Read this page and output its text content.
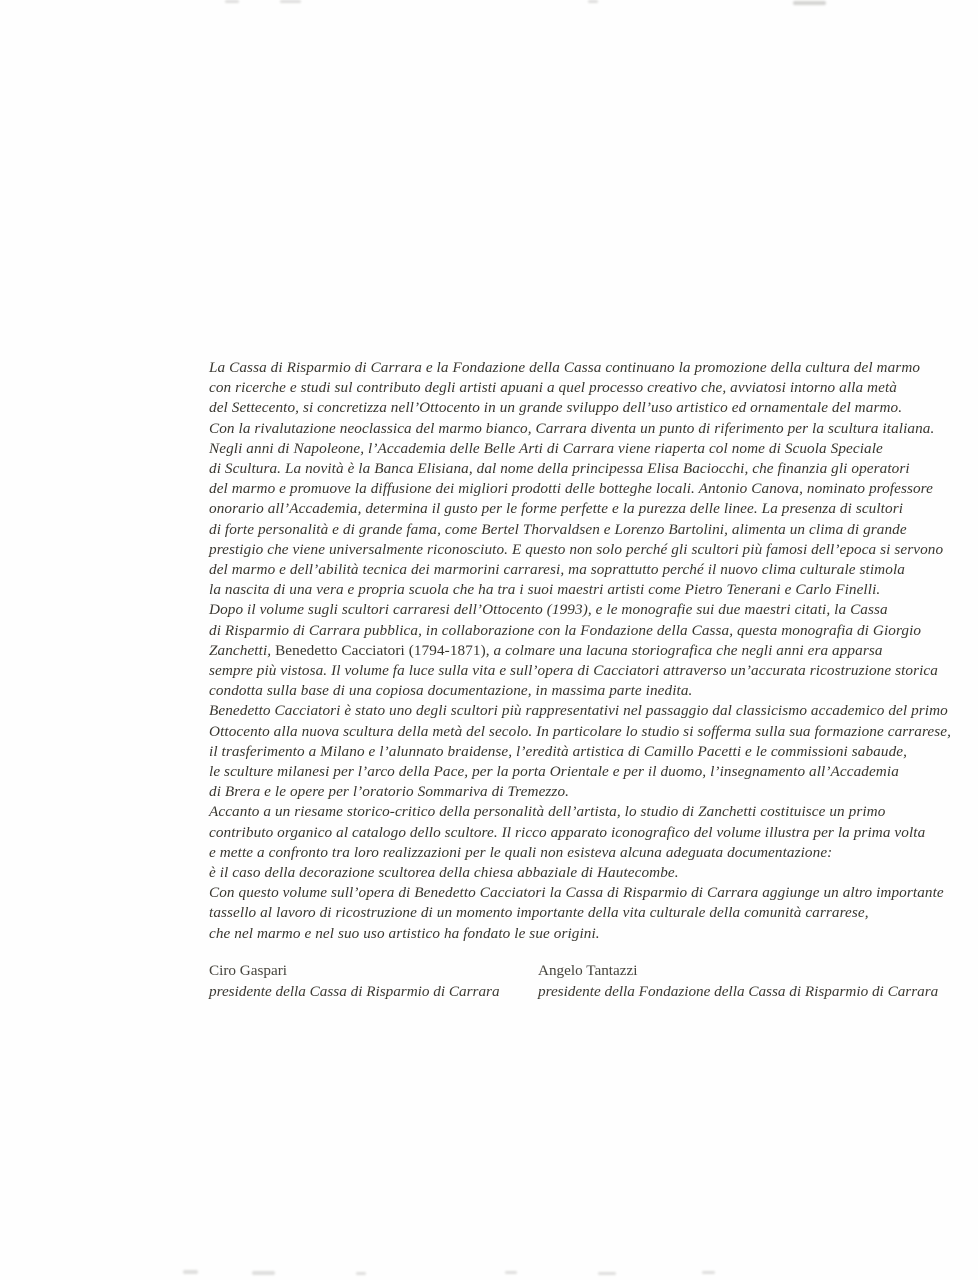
La Cassa di Risparmio di Carrara e la Fondazione della Cassa continuano la promozione della cultura del marmo
con ricerche e studi sul contributo degli artisti apuani a quel processo creativo che, avviatosi intorno alla metà
del Settecento, si concretizza nell’Ottocento in un grande sviluppo dell’uso artistico ed ornamentale del marmo.
Con la rivalutazione neoclassica del marmo bianco, Carrara diventa un punto di riferimento per la scultura italiana.
Negli anni di Napoleone, l’Accademia delle Belle Arti di Carrara viene riaperta col nome di Scuola Speciale
di Scultura. La novità è la Banca Elisiana, dal nome della principessa Elisa Baciocchi, che finanzia gli operatori
del marmo e promuove la diffusione dei migliori prodotti delle botteghe locali. Antonio Canova, nominato professore
onorario all’Accademia, determina il gusto per le forme perfette e la purezza delle linee. La presenza di scultori
di forte personalità e di grande fama, come Bertel Thorvaldsen e Lorenzo Bartolini, alimenta un clima di grande
prestigio che viene universalmente riconosciuto. E questo non solo perché gli scultori più famosi dell’epoca si servono
del marmo e dell’abilità tecnica dei marmorini carraresi, ma soprattutto perché il nuovo clima culturale stimola
la nascita di una vera e propria scuola che ha tra i suoi maestri artisti come Pietro Tenerani e Carlo Finelli.
Dopo il volume sugli scultori carraresi dell’Ottocento (1993), e le monografie sui due maestri citati, la Cassa
di Risparmio di Carrara pubblica, in collaborazione con la Fondazione della Cassa, questa monografia di Giorgio
Zanchetti, Benedetto Cacciatori (1794-1871), a colmare una lacuna storiografica che negli anni era apparsa
sempre più vistosa. Il volume fa luce sulla vita e sull’opera di Cacciatori attraverso un’accurata ricostruzione storica
condotta sulla base di una copiosa documentazione, in massima parte inedita.
Benedetto Cacciatori è stato uno degli scultori più rappresentativi nel passaggio dal classicismo accademico del primo
Ottocento alla nuova scultura della metà del secolo. In particolare lo studio si sofferma sulla sua formazione carrarese,
il trasferimento a Milano e l’alunnato braidense, l’eredità artistica di Camillo Pacetti e le commissioni sabaude,
le sculture milanesi per l’arco della Pace, per la porta Orientale e per il duomo, l’insegnamento all’Accademia
di Brera e le opere per l’oratorio Sommariva di Tremezzo.
Accanto a un riesame storico-critico della personalità dell’artista, lo studio di Zanchetti costituisce un primo
contributo organico al catalogo dello scultore. Il ricco apparato iconografico del volume illustra per la prima volta
e mette a confronto tra loro realizzazioni per le quali non esisteva alcuna adeguata documentazione:
è il caso della decorazione scultorea della chiesa abbaziale di Hautecombe.
Con questo volume sull’opera di Benedetto Cacciatori la Cassa di Risparmio di Carrara aggiunge un altro importante
tassello al lavoro di ricostruzione di un momento importante della vita culturale della comunità carrarese,
che nel marmo e nel suo uso artistico ha fondato le sue origini.
Ciro Gaspari
presidente della Cassa di Risparmio di Carrara
Angelo Tantazzi
presidente della Fondazione della Cassa di Risparmio di Carrara
